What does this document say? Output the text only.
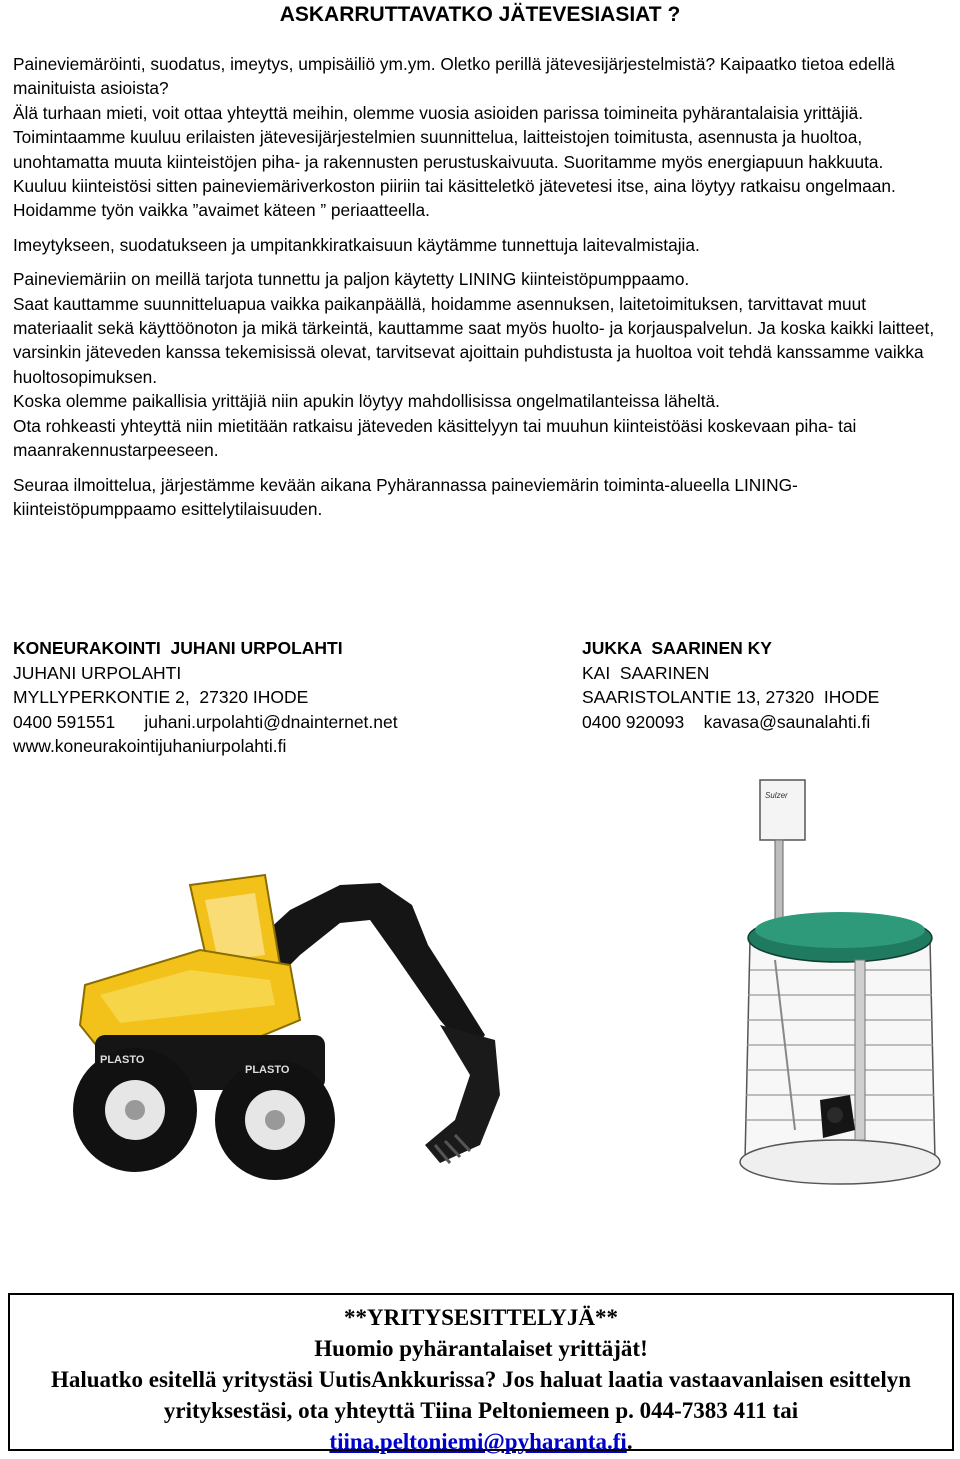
ASKARRUTTAVATKO JÄTEVESIASIAT ?

Paineviemäröinti, suodatus, imeytys, umpisäiliö ym.ym. Oletko perillä jätevesijärjestelmistä? Kaipaatko tietoa edellä mainituista asioista?

Älä turhaan mieti, voit ottaa yhteyttä meihin, olemme vuosia asioiden parissa toimineita pyhärantalaisia yrittäjiä. Toimintaamme kuuluu erilaisten jätevesijärjestelmien suunnittelua, laitteistojen toimitusta, asennusta ja huoltoa, unohtamatta muuta kiinteistöjen piha- ja rakennusten perustuskaivuuta. Suoritamme myös energiapuun hakkuuta.

Kuuluu kiinteistösi sitten paineviemäriverkoston piiriin tai käsitteletkö jätevetesi itse, aina löytyy ratkaisu ongelmaan.

Hoidamme työn vaikka ”avaimet käteen ” periaatteella.

Imeytykseen, suodatukseen ja umpitankkiratkaisuun käytämme tunnettuja laitevalmistajia.

Paineviemäriin on meillä tarjota tunnettu ja paljon käytetty LINING kiinteistöpumppaamo.

Saat kauttamme suunnitteluapua vaikka paikanpäällä, hoidamme asennuksen, laitetoimituksen, tarvittavat muut materiaalit sekä käyttöönoton ja mikä tärkeintä, kauttamme saat myös huolto- ja korjauspalvelun. Ja koska kaikki laitteet, varsinkin jäteveden kanssa tekemisissä olevat, tarvitsevat ajoittain puhdistusta ja huoltoa voit tehdä kanssamme vaikka huoltosopimuksen.

Koska olemme paikallisia yrittäjiä niin apukin löytyy mahdollisissa ongelmatilanteissa läheltä.

Ota rohkeasti yhteyttä niin mietitään ratkaisu jäteveden käsittelyyn tai muuhun kiinteistöäsi koskevaan piha- tai maanrakennustarpeeseen.

Seuraa ilmoittelua, järjestämme kevään aikana Pyhärannassa paineviemärin toiminta-alueella LINING-kiinteistöpumppaamo esittelytilaisuuden.

KONEURAKOINTI  JUHANI URPOLAHTI
JUHANI URPOLAHTI
MYLLYPERKONTIE 2,  27320 IHODE
0400 591551 juhani.urpolahti@dnainternet.net
www.koneurakointijuhaniurpolahti.fi
JUKKA  SAARINEN KY
KAI  SAARINEN
SAARISTOLANTIE 13, 27320  IHODE
0400 920093 kavasa@saunalahti.fi
PLASTO
PLASTO
Sulzer
**YRITYSESITTELYJÄ**
Huomio pyhärantalaiset yrittäjät!
Haluatko esitellä yritystäsi UutisAnkkurissa? Jos haluat laatia vastaavanlaisen esittelyn yrityksestäsi, ota yhteyttä Tiina Peltoniemeen p. 044-7383 411 tai
tiina.peltoniemi@pyharanta.fi.
